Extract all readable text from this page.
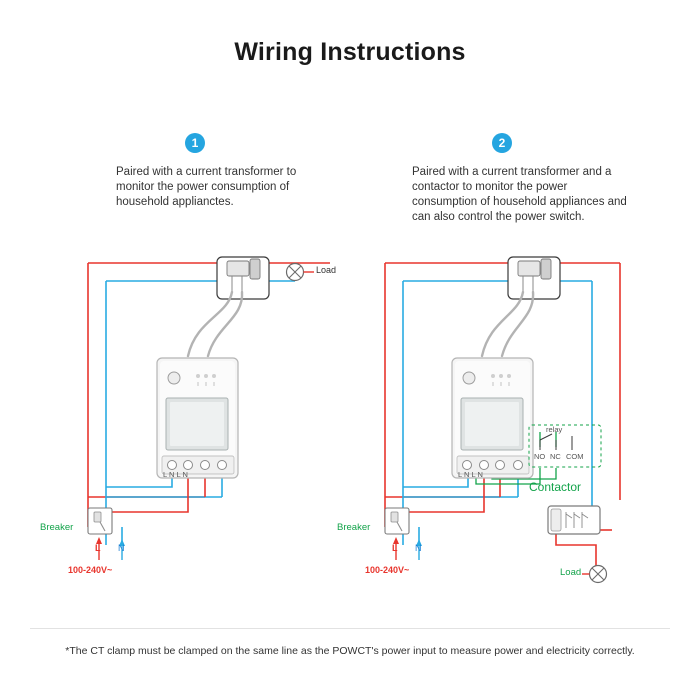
Wiring Instructions
1
Paired with a current transformer to monitor the power consumption of household applianctes.
2
Paired with a current transformer and a contactor to monitor the power consumption of household appliances and can also control the power switch.
Load
Breaker
L N
100-240V~
L N L N
Breaker
L N
100-240V~
L N L N
Contactor
Load
relay
NO NC COM
*The CT clamp must be clamped on the same line as the POWCT's power input to measure power and electricity correctly.
